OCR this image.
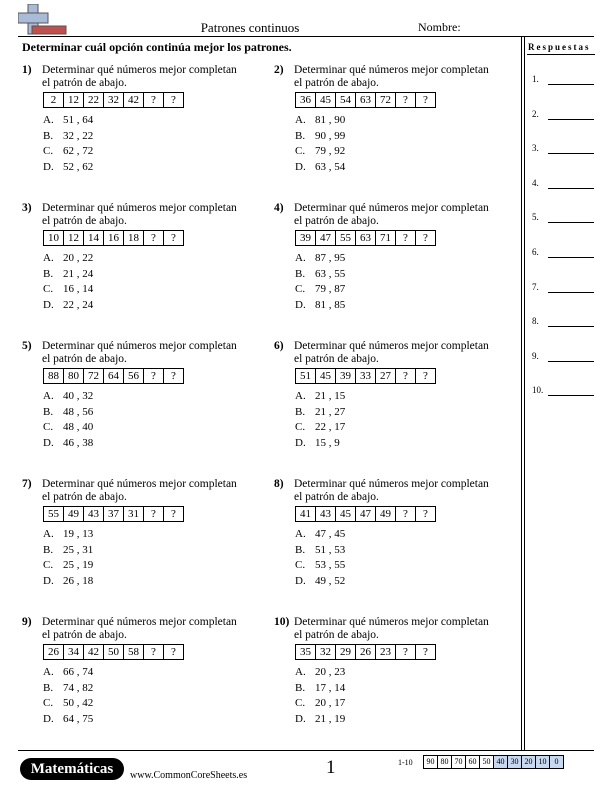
Patrones continuos	Nombre:
Determinar cuál opción continúa mejor los patrones.	Respuestas
1.
2.
3.
4.
5.
6.
7.
8.
9.
10.
1) Determinar qué números mejor completan el patrón de abajo.
2	12	22	32	42	?	?
A. 51 , 64
B. 32 , 22
C. 62 , 72
D. 52 , 62
2) Determinar qué números mejor completan el patrón de abajo.
36	45	54	63	72	?	?
A. 81 , 90
B. 90 , 99
C. 79 , 92
D. 63 , 54
3) Determinar qué números mejor completan el patrón de abajo.
10	12	14	16	18	?	?
A. 20 , 22
B. 21 , 24
C. 16 , 14
D. 22 , 24
4) Determinar qué números mejor completan el patrón de abajo.
39	47	55	63	71	?	?
A. 87 , 95
B. 63 , 55
C. 79 , 87
D. 81 , 85
5) Determinar qué números mejor completan el patrón de abajo.
88	80	72	64	56	?	?
A. 40 , 32
B. 48 , 56
C. 48 , 40
D. 46 , 38
6) Determinar qué números mejor completan el patrón de abajo.
51	45	39	33	27	?	?
A. 21 , 15
B. 21 , 27
C. 22 , 17
D. 15 , 9
7) Determinar qué números mejor completan el patrón de abajo.
55	49	43	37	31	?	?
A. 19 , 13
B. 25 , 31
C. 25 , 19
D. 26 , 18
8) Determinar qué números mejor completan el patrón de abajo.
41	43	45	47	49	?	?
A. 47 , 45
B. 51 , 53
C. 53 , 55
D. 49 , 52
9) Determinar qué números mejor completan el patrón de abajo.
26	34	42	50	58	?	?
A. 66 , 74
B. 74 , 82
C. 50 , 42
D. 64 , 75
10) Determinar qué números mejor completan el patrón de abajo.
35	32	29	26	23	?	?
A. 20 , 23
B. 17 , 14
C. 20 , 17
D. 21 , 19
Matemáticas	www.CommonCoreSheets.es	1	1-10 90	80	70	60	50	40	30	20	10	0
